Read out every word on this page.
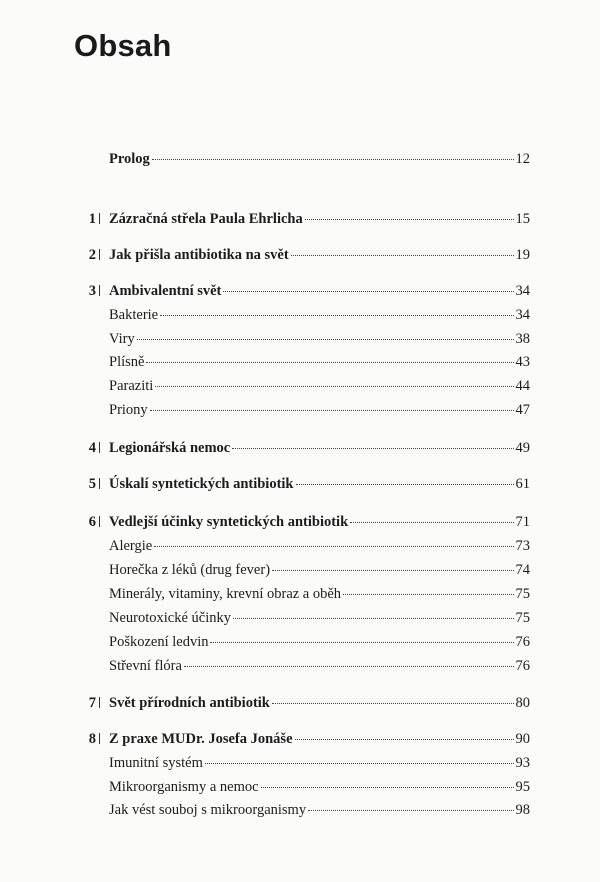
Obsah
Prolog	12
1 Zázračná střela Paula Ehrlicha	15
2 Jak přišla antibiotika na svět	19
3 Ambivalentní svět	34
Bakterie	34
Viry	38
Plísně	43
Paraziti	44
Priony	47
4 Legionářská nemoc	49
5 Úskalí syntetických antibiotik	61
6 Vedlejší účinky syntetických antibiotik	71
Alergie	73
Horečka z léků (drug fever)	74
Minerály, vitaminy, krevní obraz a oběh	75
Neurotoxické účinky	75
Poškození ledvin	76
Střevní flóra	76
7 Svět přírodních antibiotik	80
8 Z praxe MUDr. Josefa Jonáše	90
Imunitní systém	93
Mikroorganismy a nemoc	95
Jak vést souboj s mikroorganismy	98
